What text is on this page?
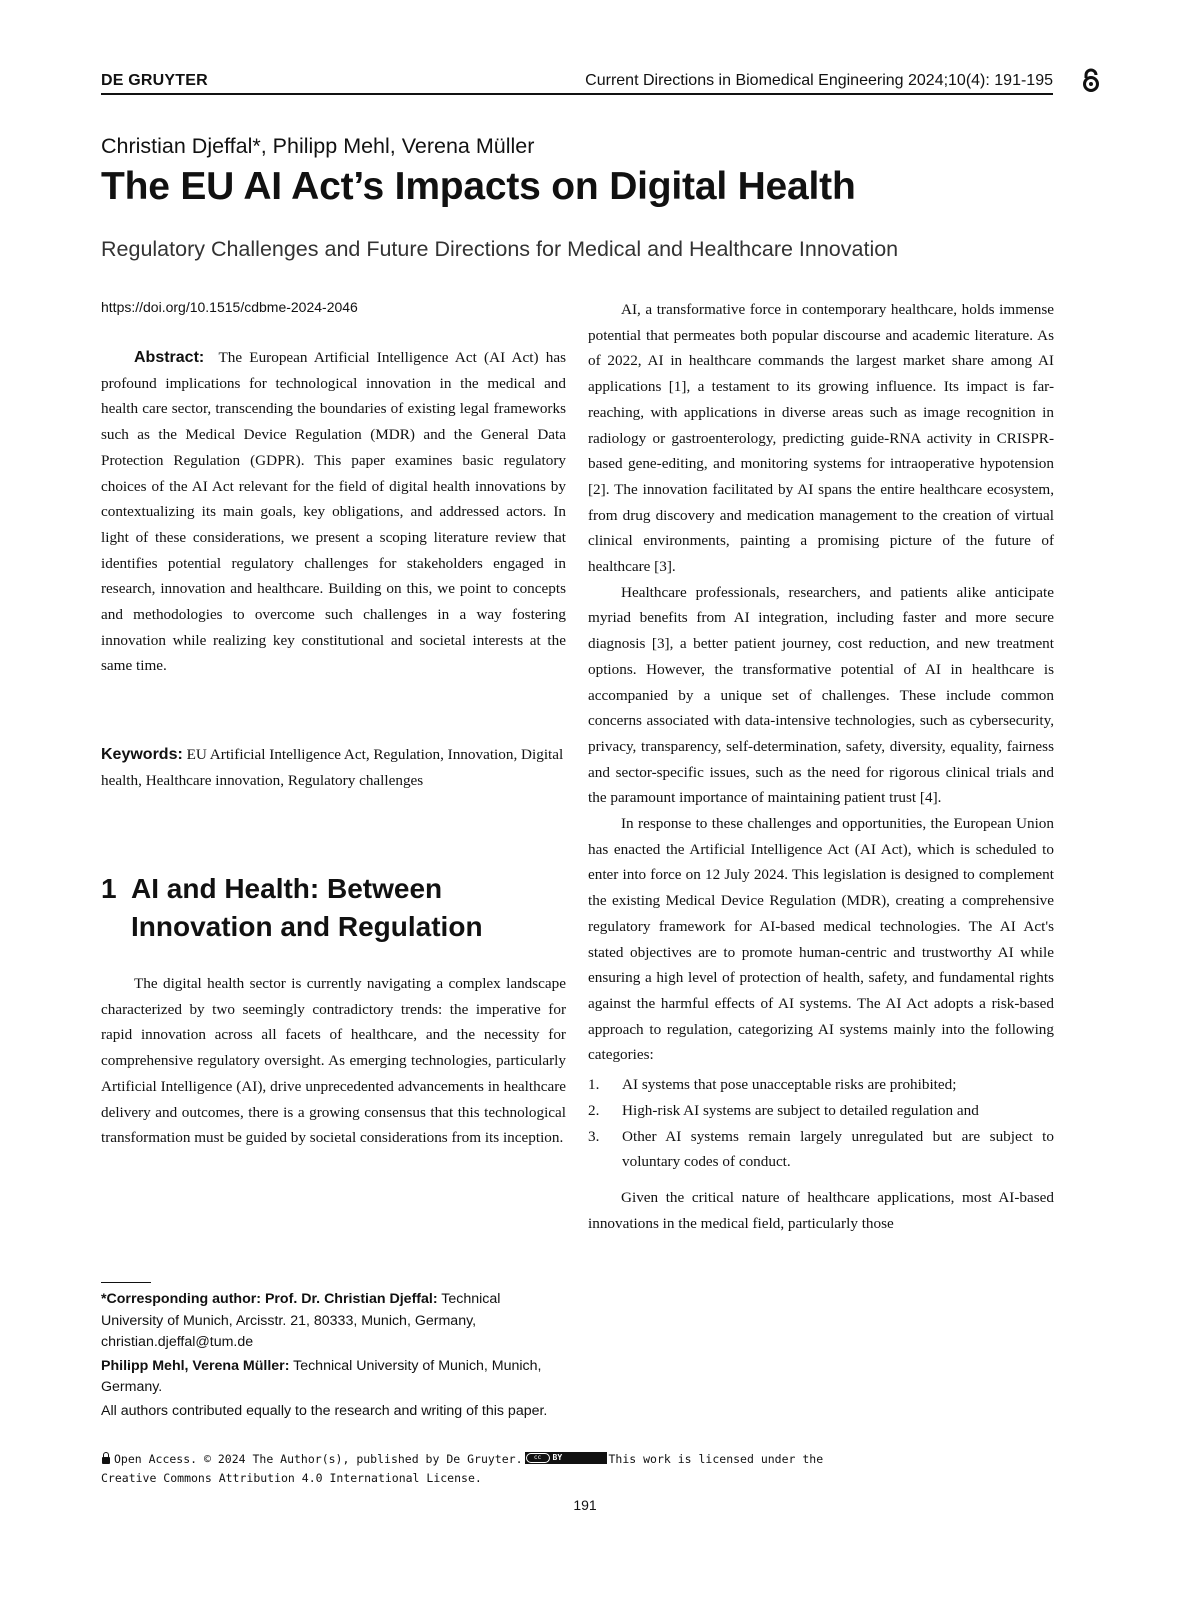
DE GRUYTER	Current Directions in Biomedical Engineering 2024;10(4): 191-195
Christian Djeffal*, Philipp Mehl, Verena Müller
The EU AI Act’s Impacts on Digital Health
Regulatory Challenges and Future Directions for Medical and Healthcare Innovation
https://doi.org/10.1515/cdbme-2024-2046

Abstract: The European Artificial Intelligence Act (AI Act) has profound implications for technological innovation in the medical and health care sector, transcending the boundaries of existing legal frameworks such as the Medical Device Regulation (MDR) and the General Data Protection Regulation (GDPR). This paper examines basic regulatory choices of the AI Act relevant for the field of digital health innovations by contextualizing its main goals, key obligations, and addressed actors. In light of these considerations, we present a scoping literature review that identifies potential regulatory challenges for stakeholders engaged in research, innovation and healthcare. Building on this, we point to concepts and methodologies to overcome such challenges in a way fostering innovation while realizing key constitutional and societal interests at the same time.

Keywords: EU Artificial Intelligence Act, Regulation, Innovation, Digital health, Healthcare innovation, Regulatory challenges

1 AI and Health: Between Innovation and Regulation

The digital health sector is currently navigating a complex landscape characterized by two seemingly contradictory trends: the imperative for rapid innovation across all facets of healthcare, and the necessity for comprehensive regulatory oversight. As emerging technologies, particularly Artificial Intelligence (AI), drive unprecedented advancements in healthcare delivery and outcomes, there is a growing consensus that this technological transformation must be guided by societal considerations from its inception.

*Corresponding author: Prof. Dr. Christian Djeffal: Technical University of Munich, Arcisstr. 21, 80333, Munich, Germany, christian.djeffal@tum.de

Philipp Mehl, Verena Müller: Technical University of Munich, Munich, Germany.

All authors contributed equally to the research and writing of this paper.

Open Access. © 2024 The Author(s), published by De Gruyter.	cc	BY	This work is licensed under the
Creative Commons Attribution 4.0 International License.
191

AI, a transformative force in contemporary healthcare, holds immense potential that permeates both popular discourse and academic literature. As of 2022, AI in healthcare commands the largest market share among AI applications [1], a testament to its growing influence. Its impact is far-reaching, with applications in diverse areas such as image recognition in radiology or gastroenterology, predicting guide-RNA activity in CRISPR-based gene-editing, and monitoring systems for intraoperative hypotension [2]. The innovation facilitated by AI spans the entire healthcare ecosystem, from drug discovery and medication management to the creation of virtual clinical environments, painting a promising picture of the future of healthcare [3].

Healthcare professionals, researchers, and patients alike anticipate myriad benefits from AI integration, including faster and more secure diagnosis [3], a better patient journey, cost reduction, and new treatment options. However, the transformative potential of AI in healthcare is accompanied by a unique set of challenges. These include common concerns associated with data-intensive technologies, such as cybersecurity, privacy, transparency, self-determination, safety, diversity, equality, fairness and sector-specific issues, such as the need for rigorous clinical trials and the paramount importance of maintaining patient trust [4].

In response to these challenges and opportunities, the European Union has enacted the Artificial Intelligence Act (AI Act), which is scheduled to enter into force on 12 July 2024. This legislation is designed to complement the existing Medical Device Regulation (MDR), creating a comprehensive regulatory framework for AI-based medical technologies. The AI Act's stated objectives are to promote human-centric and trustworthy AI while ensuring a high level of protection of health, safety, and fundamental rights against the harmful effects of AI systems. The AI Act adopts a risk-based approach to regulation, categorizing AI systems mainly into the following categories:

1. AI systems that pose unacceptable risks are prohibited;
2. High-risk AI systems are subject to detailed regulation and
3. Other AI systems remain largely unregulated but are subject to voluntary codes of conduct.

Given the critical nature of healthcare applications, most AI-based innovations in the medical field, particularly those
